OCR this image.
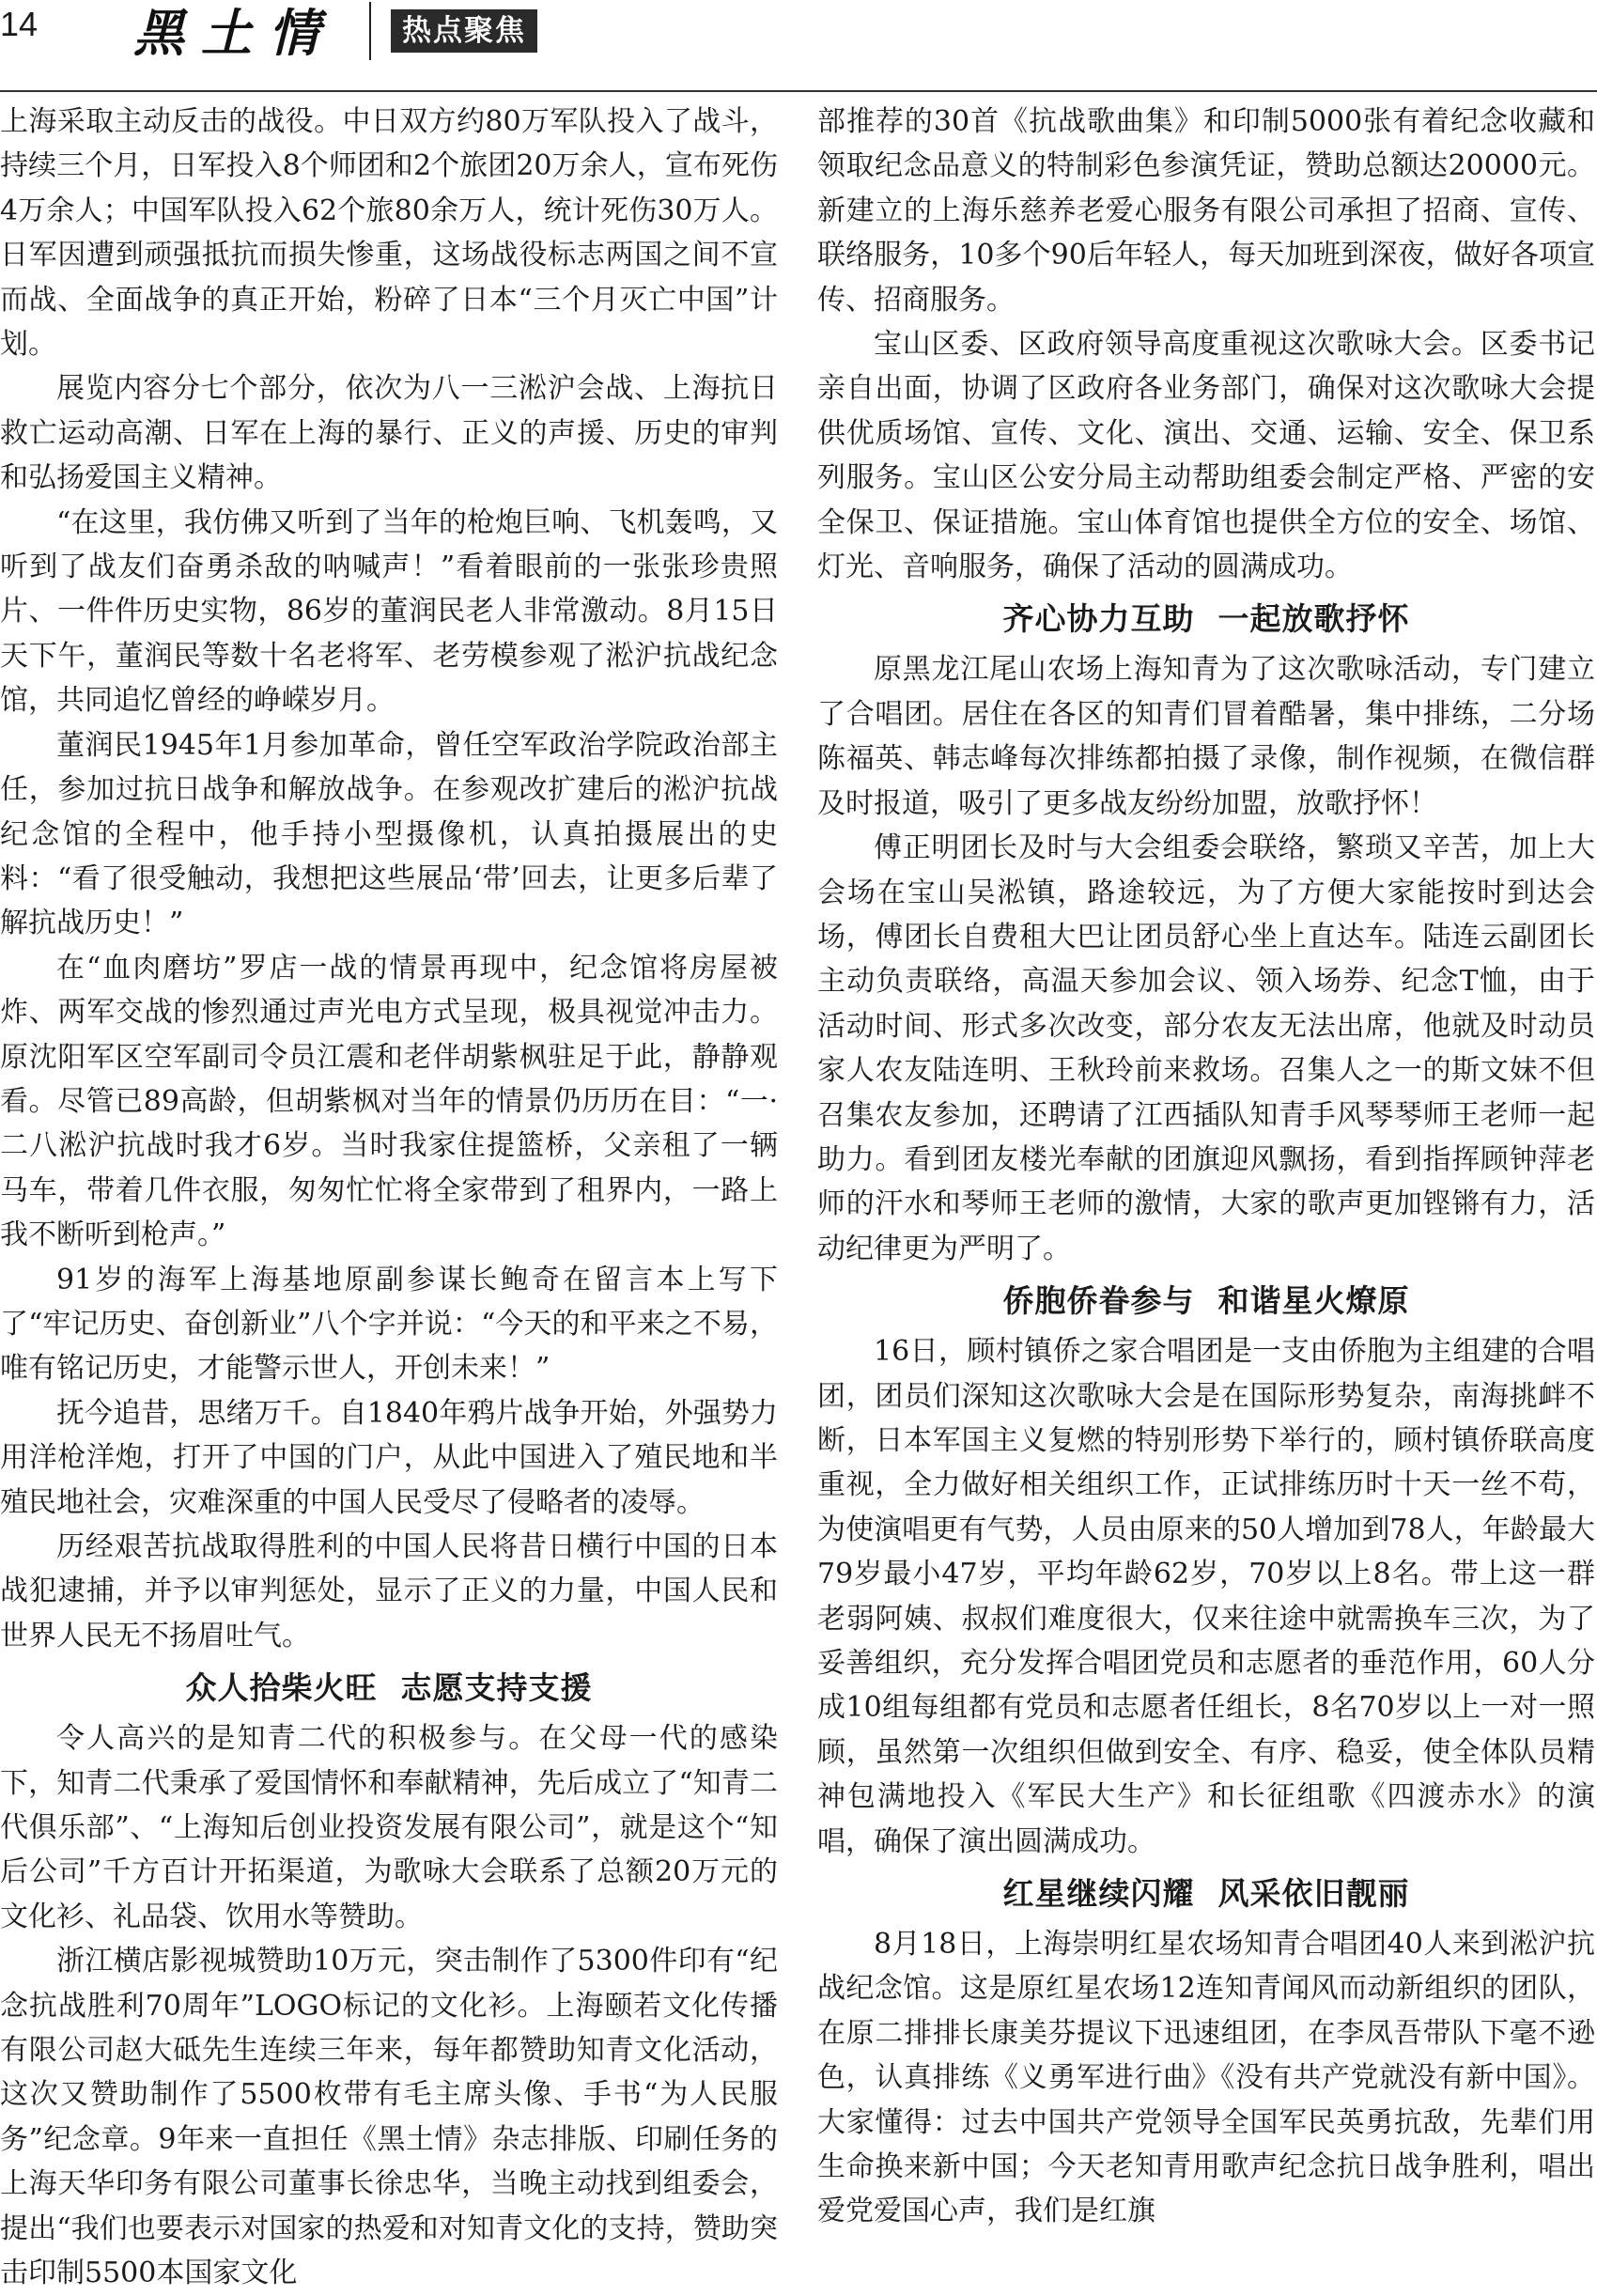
14 黑土情	热点聚焦

上海采取主动反击的战役。中日双方约80万军队投入了战斗，持续三个月，日军投入8个师团和2个旅团20万余人，宣布死伤4万余人；中国军队投入62个旅80余万人，统计死伤30万人。日军因遭到顽强抵抗而损失惨重，这场战役标志两国之间不宣而战、全面战争的真正开始，粉碎了日本“三个月灭亡中国”计划。

展览内容分七个部分，依次为八一三淞沪会战、上海抗日救亡运动高潮、日军在上海的暴行、正义的声援、历史的审判和弘扬爱国主义精神。

“在这里，我仿佛又听到了当年的枪炮巨响、飞机轰鸣，又听到了战友们奋勇杀敌的呐喊声！”看着眼前的一张张珍贵照片、一件件历史实物，86岁的董润民老人非常激动。8月15日天下午，董润民等数十名老将军、老劳模参观了淞沪抗战纪念馆，共同追忆曾经的峥嵘岁月。

董润民1945年1月参加革命，曾任空军政治学院政治部主任，参加过抗日战争和解放战争。在参观改扩建后的淞沪抗战纪念馆的全程中，他手持小型摄像机，认真拍摄展出的史料：“看了很受触动，我想把这些展品‘带’回去，让更多后辈了解抗战历史！”

在“血肉磨坊”罗店一战的情景再现中，纪念馆将房屋被炸、两军交战的惨烈通过声光电方式呈现，极具视觉冲击力。原沈阳军区空军副司令员江震和老伴胡紫枫驻足于此，静静观看。尽管已89高龄，但胡紫枫对当年的情景仍历历在目：“一·二八淞沪抗战时我才6岁。当时我家住提篮桥，父亲租了一辆马车，带着几件衣服，匆匆忙忙将全家带到了租界内，一路上我不断听到枪声。”

91岁的海军上海基地原副参谋长鲍奇在留言本上写下了“牢记历史、奋创新业”八个字并说：“今天的和平来之不易，唯有铭记历史，才能警示世人，开创未来！”

抚今追昔，思绪万千。自1840年鸦片战争开始，外强势力用洋枪洋炮，打开了中国的门户，从此中国进入了殖民地和半殖民地社会，灾难深重的中国人民受尽了侵略者的凌辱。

历经艰苦抗战取得胜利的中国人民将昔日横行中国的日本战犯逮捕，并予以审判惩处，显示了正义的力量，中国人民和世界人民无不扬眉吐气。

众人拾柴火旺  志愿支持支援

令人高兴的是知青二代的积极参与。在父母一代的感染下，知青二代秉承了爱国情怀和奉献精神，先后成立了“知青二代俱乐部”、“上海知后创业投资发展有限公司”，就是这个“知后公司”千方百计开拓渠道，为歌咏大会联系了总额20万元的文化衫、礼品袋、饮用水等赞助。

浙江横店影视城赞助10万元，突击制作了5300件印有“纪念抗战胜利70周年”LOGO标记的文化衫。上海颐若文化传播有限公司赵大砥先生连续三年来，每年都赞助知青文化活动，这次又赞助制作了5500枚带有毛主席头像、手书“为人民服务”纪念章。9年来一直担任《黑土情》杂志排版、印刷任务的上海天华印务有限公司董事长徐忠华，当晚主动找到组委会，提出“我们也要表示对国家的热爱和对知青文化的支持，赞助突击印制5500本国家文化

部推荐的30首《抗战歌曲集》和印制5000张有着纪念收藏和领取纪念品意义的特制彩色参演凭证，赞助总额达20000元。新建立的上海乐慈养老爱心服务有限公司承担了招商、宣传、联络服务，10多个90后年轻人，每天加班到深夜，做好各项宣传、招商服务。

宝山区委、区政府领导高度重视这次歌咏大会。区委书记亲自出面，协调了区政府各业务部门，确保对这次歌咏大会提供优质场馆、宣传、文化、演出、交通、运输、安全、保卫系列服务。宝山区公安分局主动帮助组委会制定严格、严密的安全保卫、保证措施。宝山体育馆也提供全方位的安全、场馆、灯光、音响服务，确保了活动的圆满成功。

齐心协力互助  一起放歌抒怀

原黑龙江尾山农场上海知青为了这次歌咏活动，专门建立了合唱团。居住在各区的知青们冒着酷暑，集中排练，二分场陈福英、韩志峰每次排练都拍摄了录像，制作视频，在微信群及时报道，吸引了更多战友纷纷加盟，放歌抒怀！

傅正明团长及时与大会组委会联络，繁琐又辛苦，加上大会场在宝山吴淞镇，路途较远，为了方便大家能按时到达会场，傅团长自费租大巴让团员舒心坐上直达车。陆连云副团长主动负责联络，高温天参加会议、领入场券、纪念T恤，由于活动时间、形式多次改变，部分农友无法出席，他就及时动员家人农友陆连明、王秋玲前来救场。召集人之一的斯文妹不但召集农友参加，还聘请了江西插队知青手风琴琴师王老师一起助力。看到团友楼光奉献的团旗迎风飘扬，看到指挥顾钟萍老师的汗水和琴师王老师的激情，大家的歌声更加铿锵有力，活动纪律更为严明了。

侨胞侨眷参与  和谐星火燎原

16日，顾村镇侨之家合唱团是一支由侨胞为主组建的合唱团，团员们深知这次歌咏大会是在国际形势复杂，南海挑衅不断，日本军国主义复燃的特别形势下举行的，顾村镇侨联高度重视，全力做好相关组织工作，正试排练历时十天一丝不苟，为使演唱更有气势，人员由原来的50人增加到78人，年龄最大79岁最小47岁，平均年龄62岁，70岁以上8名。带上这一群老弱阿姨、叔叔们难度很大，仅来往途中就需换车三次，为了妥善组织，充分发挥合唱团党员和志愿者的垂范作用，60人分成10组每组都有党员和志愿者任组长，8名70岁以上一对一照顾，虽然第一次组织但做到安全、有序、稳妥，使全体队员精神包满地投入《军民大生产》和长征组歌《四渡赤水》的演唱，确保了演出圆满成功。

红星继续闪耀  风采依旧靓丽

8月18日，上海崇明红星农场知青合唱团40人来到淞沪抗战纪念馆。这是原红星农场12连知青闻风而动新组织的团队，在原二排排长康美芬提议下迅速组团，在李凤吾带队下毫不逊色，认真排练《义勇军进行曲》《没有共产党就没有新中国》。大家懂得：过去中国共产党领导全国军民英勇抗敌，先辈们用生命换来新中国；今天老知青用歌声纪念抗日战争胜利，唱出爱党爱国心声，我们是红旗
